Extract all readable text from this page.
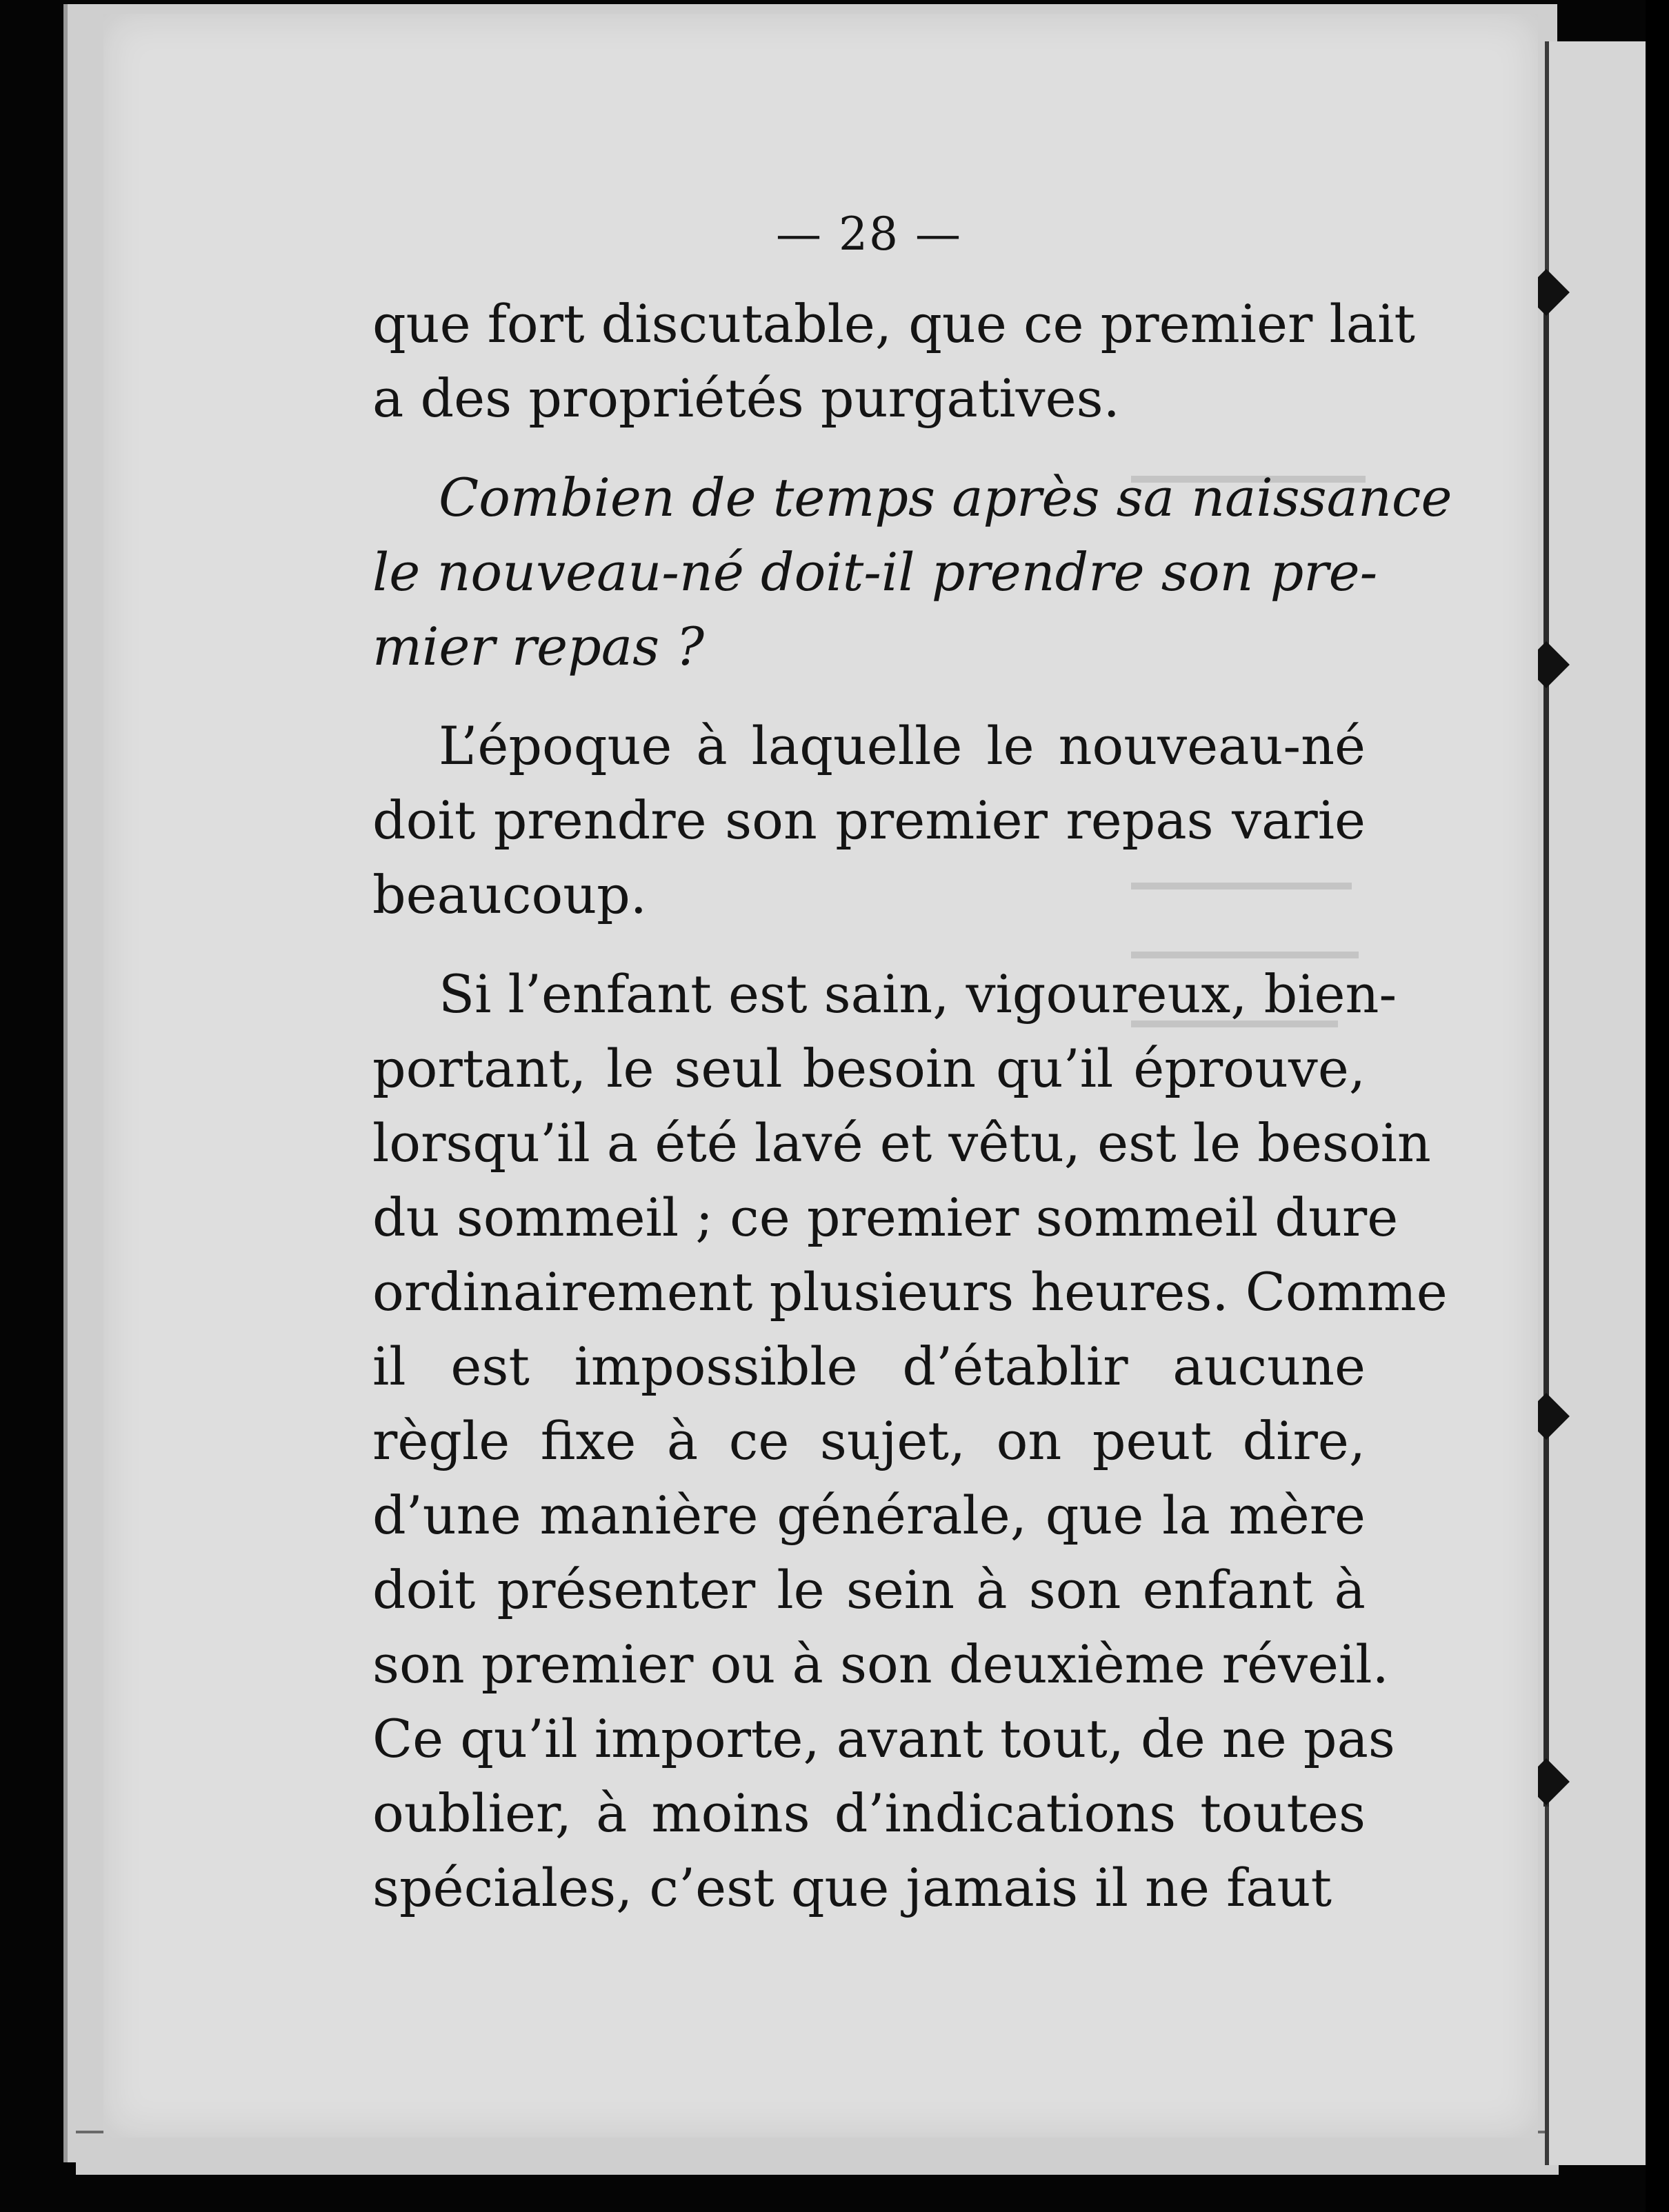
— 28 —

que fort discutable, que ce premier lait
a des propriétés purgatives.

Combien de temps après sa naissance
le nouveau-né doit-il prendre son pre-
mier repas ?

L’époque à laquelle le nouveau-né
doit prendre son premier repas varie
beaucoup.

Si l’enfant est sain, vigoureux, bien-
portant, le seul besoin qu’il éprouve,
lorsqu’il a été lavé et vêtu, est le besoin
du sommeil ; ce premier sommeil dure
ordinairement plusieurs heures. Comme
il est impossible d’établir aucune
règle fixe à ce sujet, on peut dire,
d’une manière générale, que la mère
doit présenter le sein à son enfant à
son premier ou à son deuxième réveil.
Ce qu’il importe, avant tout, de ne pas
oublier, à moins d’indications toutes
spéciales, c’est que jamais il ne faut
